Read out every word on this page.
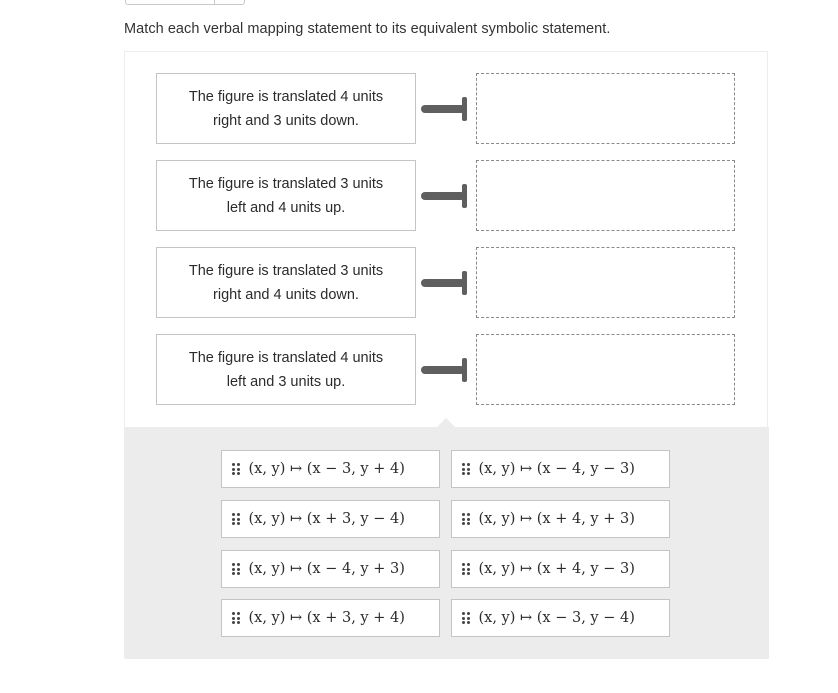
Match each verbal mapping statement to its equivalent symbolic statement.
The figure is translated 4 units
right and 3 units down.
The figure is translated 3 units
left and 4 units up.
The figure is translated 3 units
right and 4 units down.
The figure is translated 4 units
left and 3 units up.
(x, y) ↦ (x − 3, y + 4)	(x, y) ↦ (x − 4, y − 3)
(x, y) ↦ (x + 3, y − 4)	(x, y) ↦ (x + 4, y + 3)
(x, y) ↦ (x − 4, y + 3)	(x, y) ↦ (x + 4, y − 3)
(x, y) ↦ (x + 3, y + 4)	(x, y) ↦ (x − 3, y − 4)
